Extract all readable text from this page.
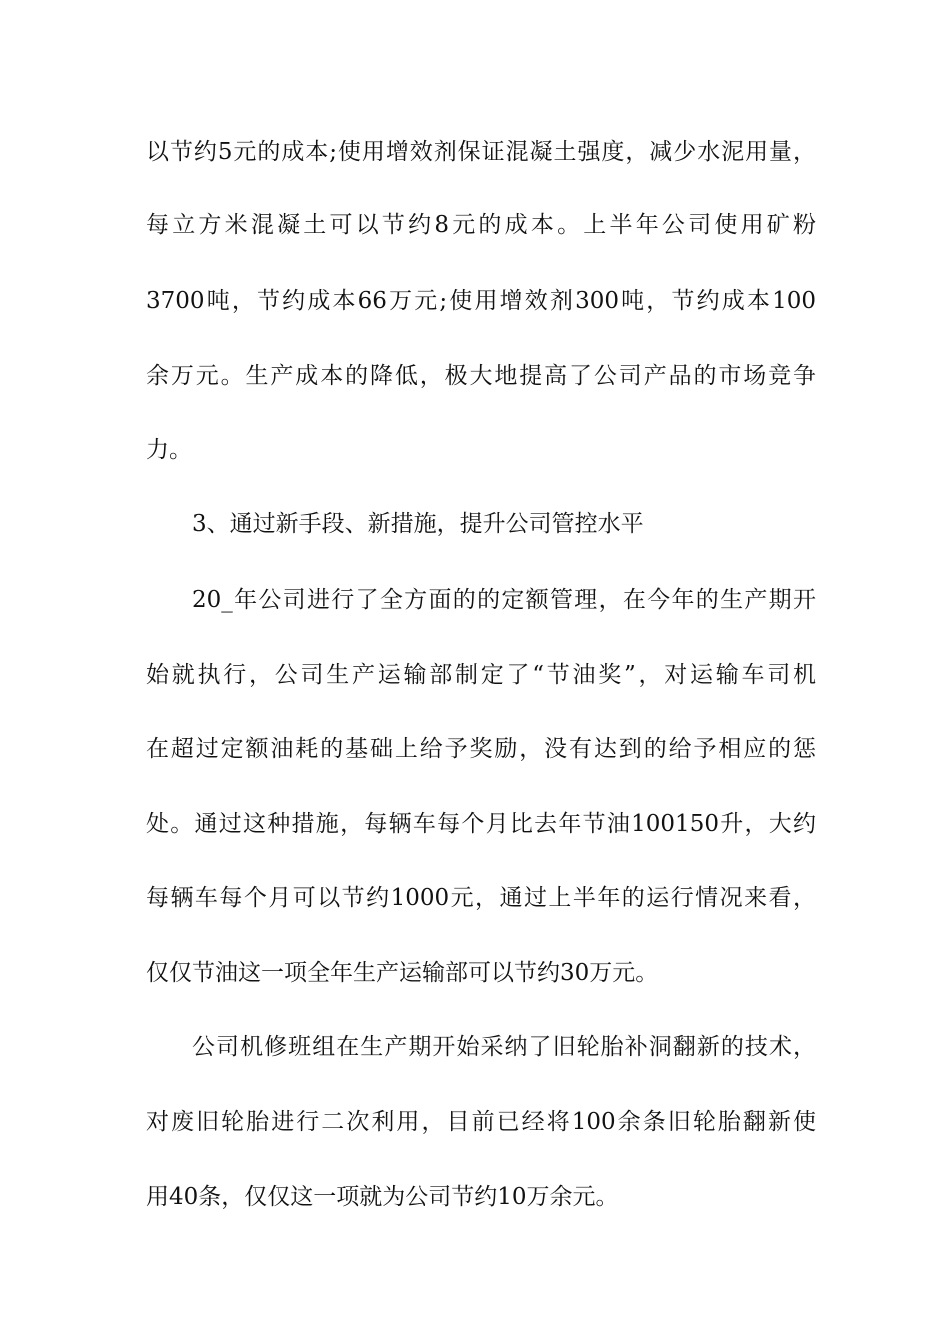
以节约5元的成本;使用增效剂保证混凝土强度，减少水泥用量，
每立方米混凝土可以节约8元的成本。上半年公司使用矿粉
3700吨，节约成本66万元;使用增效剂300吨，节约成本100
余万元。生产成本的降低，极大地提高了公司产品的市场竞争
力。
3、通过新手段、新措施，提升公司管控水平
20_年公司进行了全方面的的定额管理，在今年的生产期开
始就执行，公司生产运输部制定了“节油奖”，对运输车司机
在超过定额油耗的基础上给予奖励，没有达到的给予相应的惩
处。通过这种措施，每辆车每个月比去年节油100150升，大约
每辆车每个月可以节约1000元，通过上半年的运行情况来看，
仅仅节油这一项全年生产运输部可以节约30万元。
公司机修班组在生产期开始采纳了旧轮胎补洞翻新的技术，
对废旧轮胎进行二次利用，目前已经将100余条旧轮胎翻新使
用40条，仅仅这一项就为公司节约10万余元。
